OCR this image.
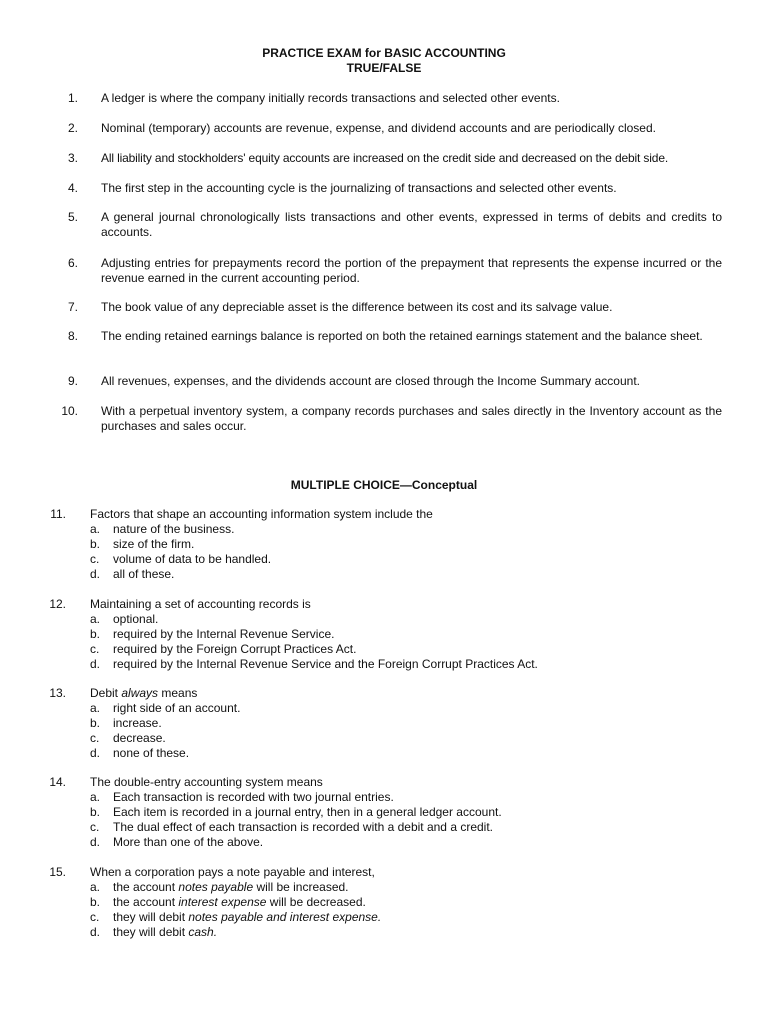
PRACTICE EXAM for BASIC ACCOUNTING
TRUE/FALSE
1. A ledger is where the company initially records transactions and selected other events.
2. Nominal (temporary) accounts are revenue, expense, and dividend accounts and are periodically closed.
3. All liability and stockholders' equity accounts are increased on the credit side and decreased on the debit side.
4. The first step in the accounting cycle is the journalizing of transactions and selected other events.
5. A general journal chronologically lists transactions and other events, expressed in terms of debits and credits to accounts.
6. Adjusting entries for prepayments record the portion of the prepayment that represents the expense incurred or the revenue earned in the current accounting period.
7. The book value of any depreciable asset is the difference between its cost and its salvage value.
8. The ending retained earnings balance is reported on both the retained earnings statement and the balance sheet.
9. All revenues, expenses, and the dividends account are closed through the Income Summary account.
10. With a perpetual inventory system, a company records purchases and sales directly in the Inventory account as the purchases and sales occur.
MULTIPLE CHOICE—Conceptual
11. Factors that shape an accounting information system include the
a. nature of the business.
b. size of the firm.
c. volume of data to be handled.
d. all of these.
12. Maintaining a set of accounting records is
a. optional.
b. required by the Internal Revenue Service.
c. required by the Foreign Corrupt Practices Act.
d. required by the Internal Revenue Service and the Foreign Corrupt Practices Act.
13. Debit always means
a. right side of an account.
b. increase.
c. decrease.
d. none of these.
14. The double-entry accounting system means
a. Each transaction is recorded with two journal entries.
b. Each item is recorded in a journal entry, then in a general ledger account.
c. The dual effect of each transaction is recorded with a debit and a credit.
d. More than one of the above.
15. When a corporation pays a note payable and interest,
a. the account notes payable will be increased.
b. the account interest expense will be decreased.
c. they will debit notes payable and interest expense.
d. they will debit cash.
